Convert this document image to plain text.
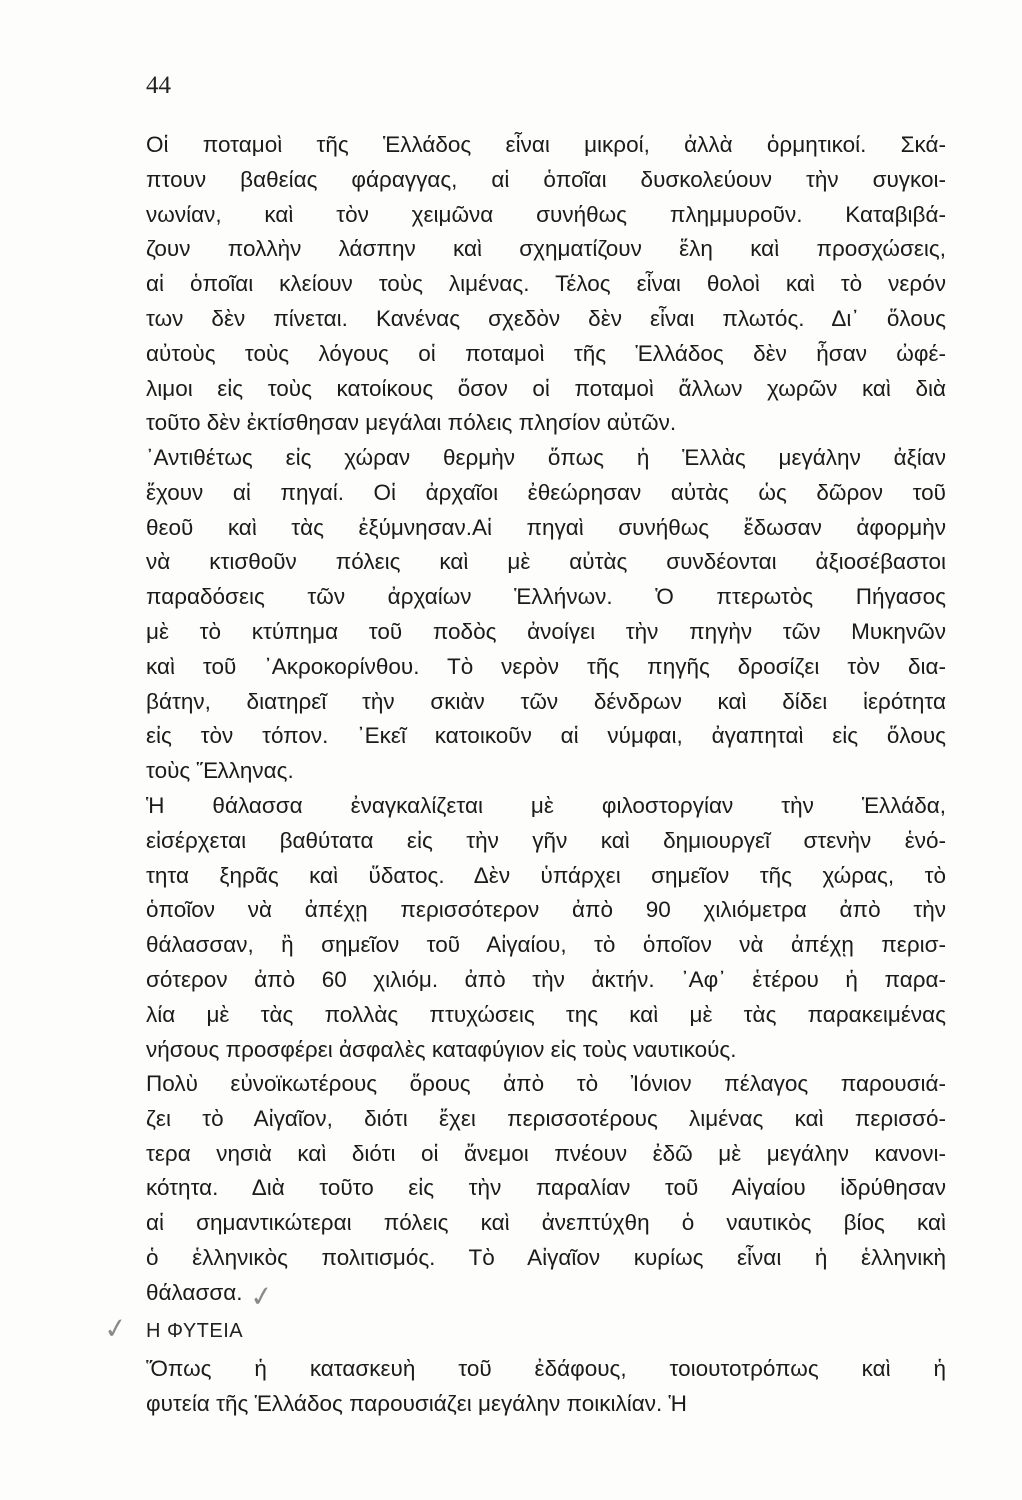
44
Οἱ ποταμοὶ τῆς Ἑλλάδος εἶναι μικροί, ἀλλὰ ὁρμητικοί. Σκά-
πτουν βαθείας φάραγγας, αἱ ὁποῖαι δυσκολεύουν τὴν συγκοι-
νωνίαν, καὶ τὸν χειμῶνα συνήθως πλημμυροῦν. Καταβιβά-
ζουν πολλὴν λάσπην καὶ σχηματίζουν ἕλη καὶ προσχώσεις,
αἱ ὁποῖαι κλείουν τοὺς λιμένας. Τέλος εἶναι θολοὶ καὶ τὸ νερόν
των δὲν πίνεται. Κανένας σχεδὸν δὲν εἶναι πλωτός. Δι᾿ ὅλους
αὐτοὺς τοὺς λόγους οἱ ποταμοὶ τῆς Ἑλλάδος δὲν ἦσαν ὠφέ-
λιμοι εἰς τοὺς κατοίκους ὅσον οἱ ποταμοὶ ἄλλων χωρῶν καὶ διὰ
τοῦτο δὲν ἐκτίσθησαν μεγάλαι πόλεις πλησίον αὐτῶν.
᾿Αντιθέτως εἰς χώραν θερμὴν ὅπως ἡ Ἑλλὰς μεγάλην ἀξίαν
ἔχουν αἱ πηγαί. Οἱ ἀρχαῖοι ἐθεώρησαν αὐτὰς ὡς δῶρον τοῦ
θεοῦ καὶ τὰς ἐξύμνησαν.Αἱ πηγαὶ συνήθως ἔδωσαν ἀφορμὴν
νὰ κτισθοῦν πόλεις καὶ μὲ αὐτὰς συνδέονται ἀξιοσέβαστοι
παραδόσεις τῶν ἀρχαίων Ἑλλήνων. Ὁ πτερωτὸς Πήγασος
μὲ τὸ κτύπημα τοῦ ποδὸς ἀνοίγει τὴν πηγὴν τῶν Μυκηνῶν
καὶ τοῦ ᾿Ακροκορίνθου. Τὸ νερὸν τῆς πηγῆς δροσίζει τὸν δια-
βάτην, διατηρεῖ τὴν σκιὰν τῶν δένδρων καὶ δίδει ἱερότητα
εἰς τὸν τόπον. ᾿Εκεῖ κατοικοῦν αἱ νύμφαι, ἀγαπηταὶ εἰς ὅλους
τοὺς Ἕλληνας.
Ἡ θάλασσα ἐναγκαλίζεται μὲ φιλοστοργίαν τὴν Ἑλλάδα,
εἰσέρχεται βαθύτατα εἰς τὴν γῆν καὶ δημιουργεῖ στενὴν ἑνό-
τητα ξηρᾶς καὶ ὕδατος. Δὲν ὑπάρχει σημεῖον τῆς χώρας, τὸ
ὁποῖον νὰ ἀπέχῃ περισσότερον ἀπὸ 90 χιλιόμετρα ἀπὸ τὴν
θάλασσαν, ἢ σημεῖον τοῦ Αἰγαίου, τὸ ὁποῖον νὰ ἀπέχῃ περισ-
σότερον ἀπὸ 60 χιλιόμ. ἀπὸ τὴν ἀκτήν. ᾿Αφ᾿ ἑτέρου ἡ παρα-
λία μὲ τὰς πολλὰς πτυχώσεις της καὶ μὲ τὰς παρακειμένας
νήσους προσφέρει ἀσφαλὲς καταφύγιον εἰς τοὺς ναυτικούς.
Πολὺ εὐνοϊκωτέρους ὅρους ἀπὸ τὸ Ἰόνιον πέλαγος παρουσιά-
ζει τὸ Αἰγαῖον, διότι ἔχει περισσοτέρους λιμένας καὶ περισσό-
τερα νησιὰ καὶ διότι οἱ ἄνεμοι πνέουν ἐδῶ μὲ μεγάλην κανονι-
κότητα. Διὰ τοῦτο εἰς τὴν παραλίαν τοῦ Αἰγαίου ἱδρύθησαν
αἱ σημαντικώτεραι πόλεις καὶ ἀνεπτύχθη ὁ ναυτικὸς βίος καὶ
ὁ ἑλληνικὸς πολιτισμός. Τὸ Αἰγαῖον κυρίως εἶναι ἡ ἑλληνικὴ
θάλασσα.
Η ΦΥΤΕΙΑ
Ὅπως ἡ κατασκευὴ τοῦ ἐδάφους, τοιουτοτρόπως καὶ ἡ
φυτεία τῆς Ἑλλάδος παρουσιάζει μεγάλην ποικιλίαν. Ἡ
✓
✓
